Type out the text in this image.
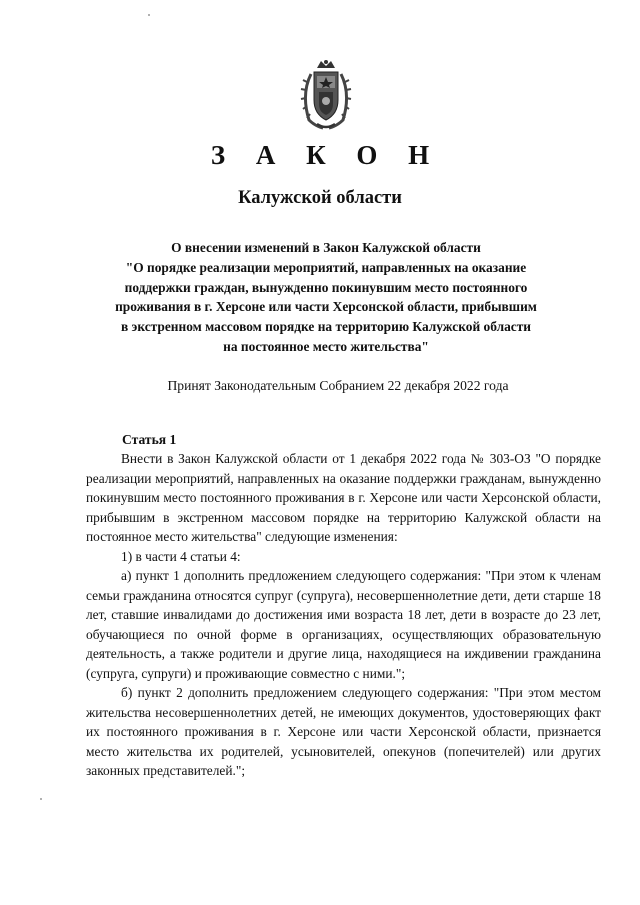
З А К О Н
Калужской области
О внесении изменений в Закон Калужской области
"О порядке реализации мероприятий, направленных на оказание
поддержки граждан, вынужденно покинувшим место постоянного
проживания в г. Херсоне или части Херсонской области, прибывшим
в экстренном массовом порядке на территорию Калужской области
на постоянное место жительства"
Принят Законодательным Собранием 22 декабря 2022 года
Статья 1

Внести в Закон Калужской области от 1 декабря 2022 года № 303-ОЗ "О порядке реализации мероприятий, направленных на оказание поддержки гражданам, вынужденно покинувшим место постоянного проживания в г. Херсоне или части Херсонской области, прибывшим в экстренном массовом порядке на территорию Калужской области на постоянное место жительства" следующие изменения:

1) в части 4 статьи 4:

а) пункт 1 дополнить предложением следующего содержания: "При этом к членам семьи гражданина относятся супруг (супруга), несовершеннолетние дети, дети старше 18 лет, ставшие инвалидами до достижения ими возраста 18 лет, дети в возрасте до 23 лет, обучающиеся по очной форме в организациях, осуществляющих образовательную деятельность, а также родители и другие лица, находящиеся на иждивении гражданина (супруга, супруги) и проживающие совместно с ними.";

б) пункт 2 дополнить предложением следующего содержания: "При этом местом жительства несовершеннолетних детей, не имеющих документов, удостоверяющих факт их постоянного проживания в г. Херсоне или части Херсонской области, признается место жительства их родителей, усыновителей, опекунов (попечителей) или других законных представителей.";
